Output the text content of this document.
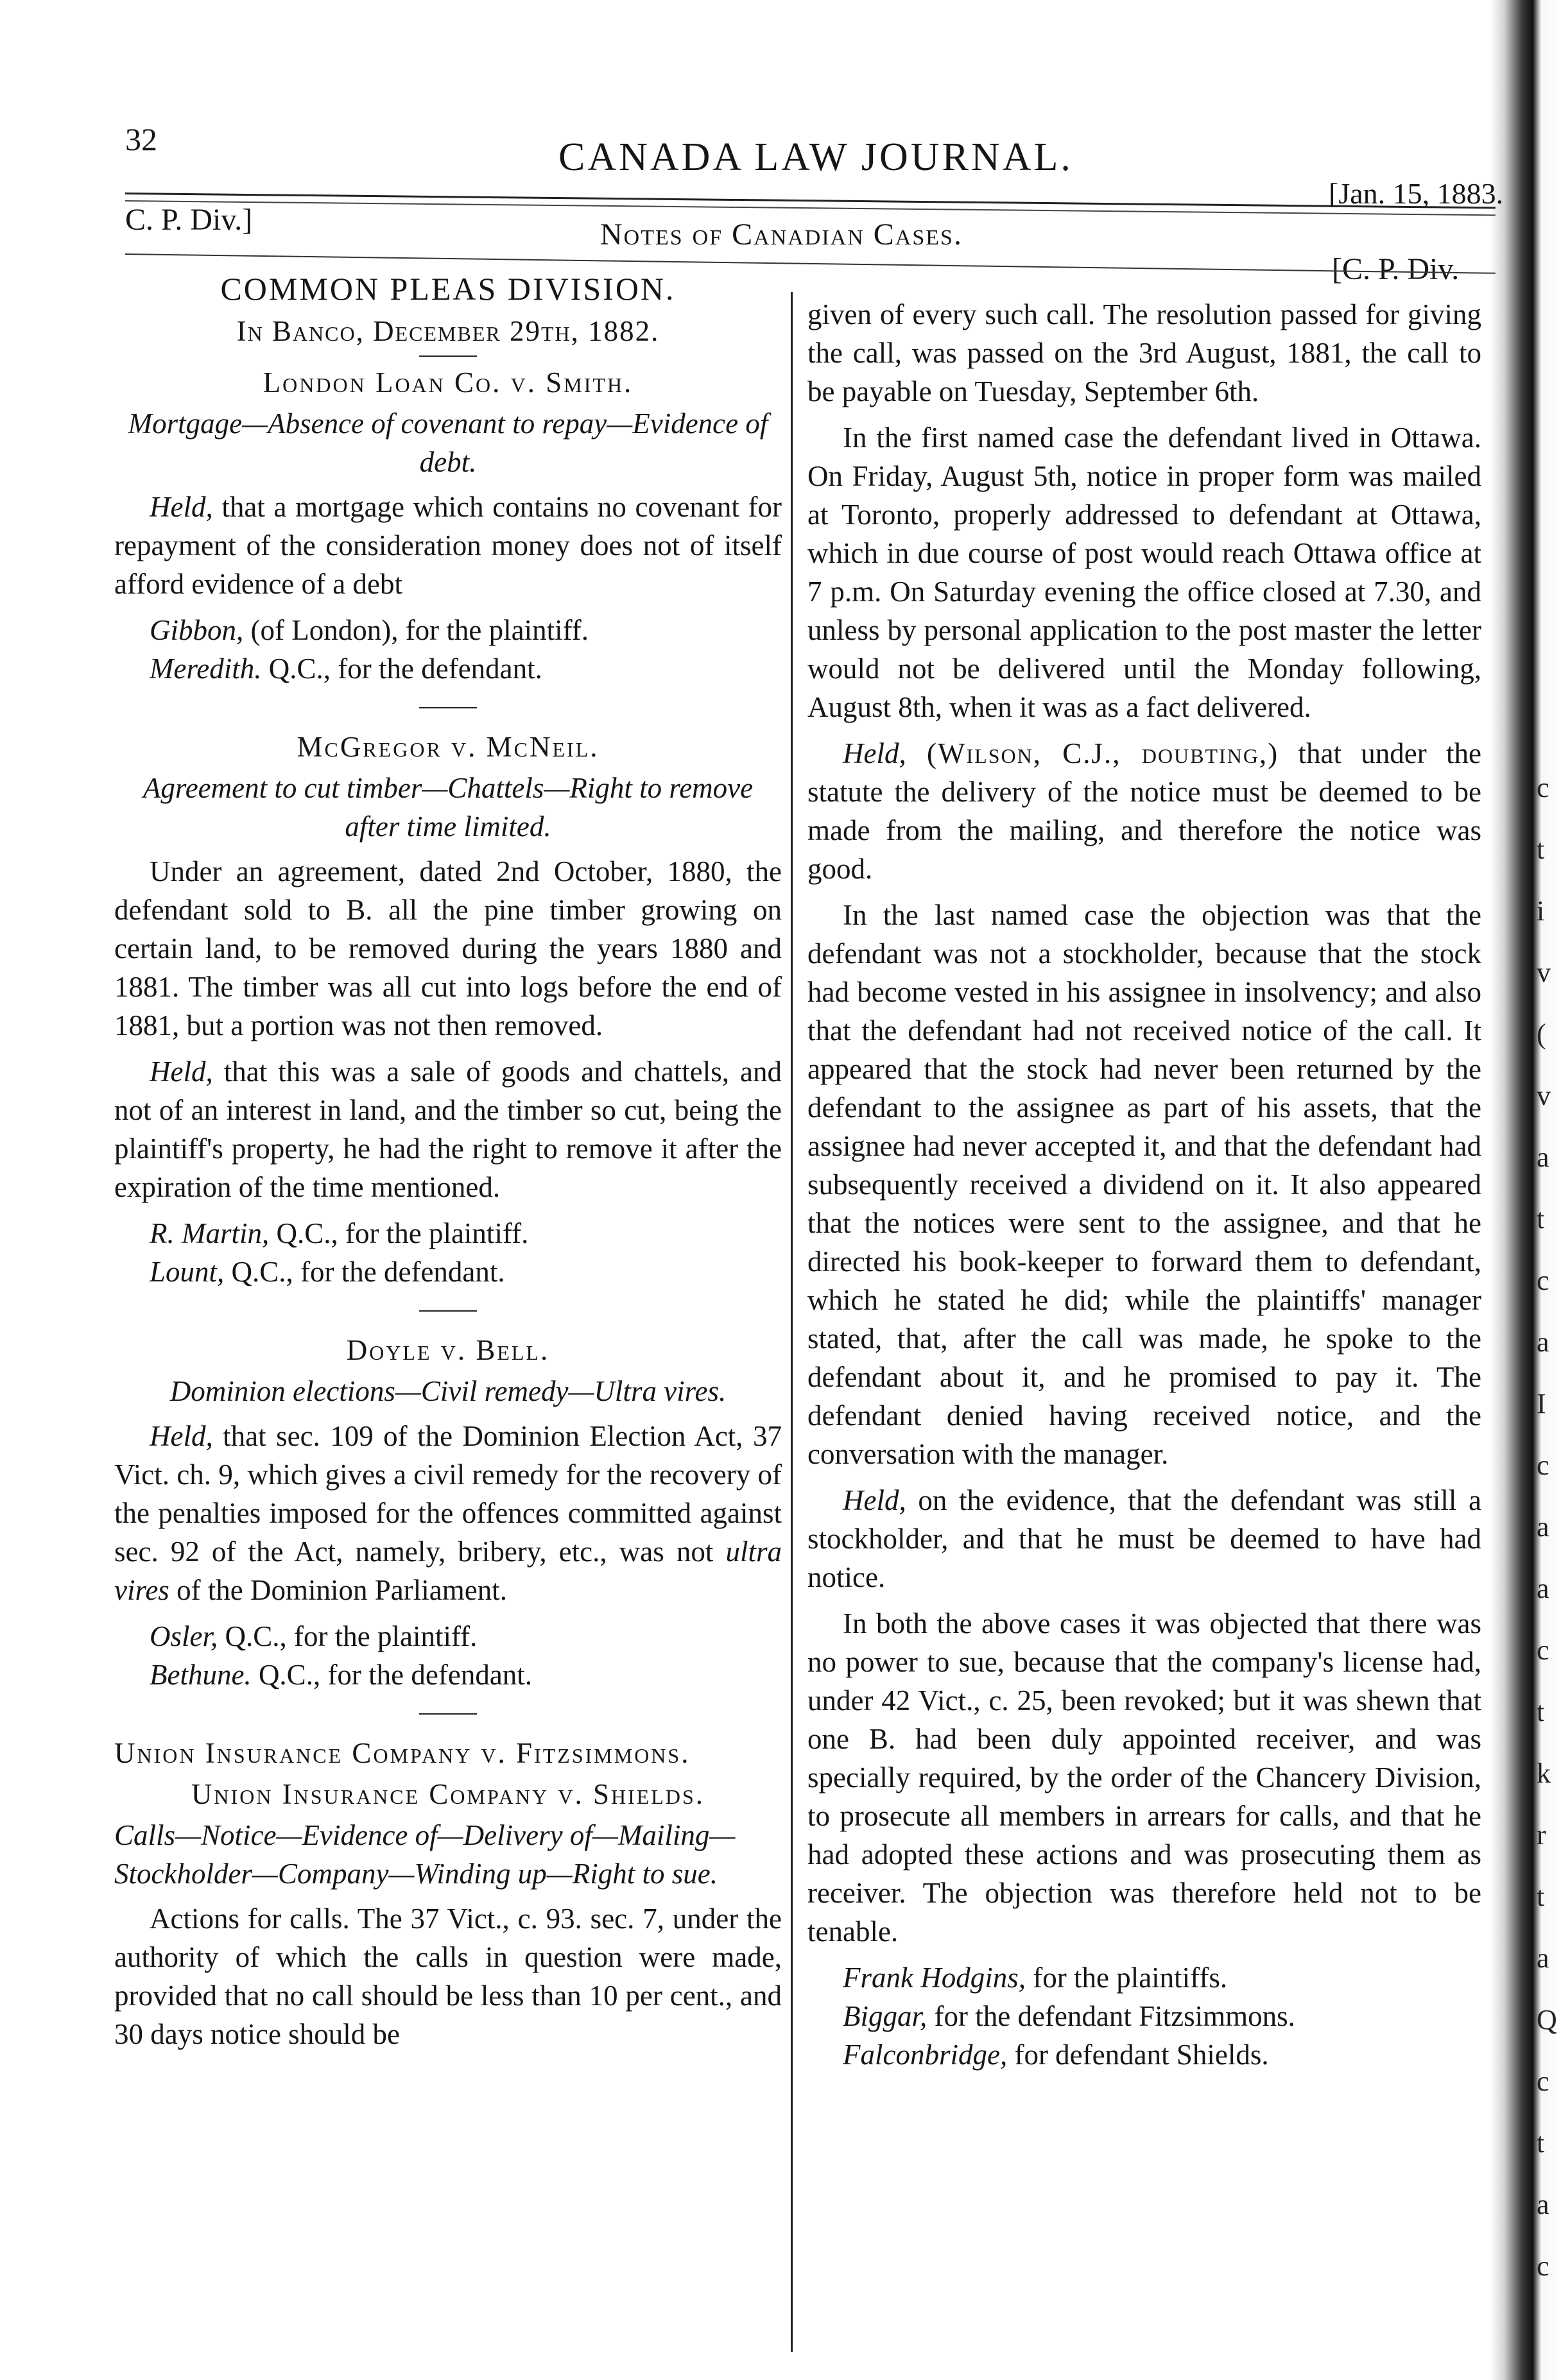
c
t
i
v
(
v
a
t
c
a
I
c
a
a
c
t
k
r
t
a
Q
c
t
a
c
32	CANADA LAW JOURNAL.
[Jan. 15, 1883.
C. P. Div.]	Notes of Canadian Cases.
[C. P. Div.
COMMON PLEAS DIVISION.
In Banco, December 29th, 1882.
London Loan Co. v. Smith.
Mortgage—Absence of covenant to repay—Evidence of debt.

Held, that a mortgage which contains no covenant for repayment of the consideration money does not of itself afford evidence of a debt

Gibbon, (of London), for the plaintiff.
Meredith. Q.C., for the defendant.
McGregor v. McNeil.
Agreement to cut timber—Chattels—Right to remove after time limited.

Under an agreement, dated 2nd October, 1880, the defendant sold to B. all the pine timber growing on certain land, to be removed during the years 1880 and 1881. The timber was all cut into logs before the end of 1881, but a portion was not then removed.

Held, that this was a sale of goods and chattels, and not of an interest in land, and the timber so cut, being the plaintiff's property, he had the right to remove it after the expiration of the time mentioned.

R. Martin, Q.C., for the plaintiff.
Lount, Q.C., for the defendant.
Doyle v. Bell.
Dominion elections—Civil remedy—Ultra vires.

Held, that sec. 109 of the Dominion Election Act, 37 Vict. ch. 9, which gives a civil remedy for the recovery of the penalties imposed for the offences committed against sec. 92 of the Act, namely, bribery, etc., was not ultra vires of the Dominion Parliament.

Osler, Q.C., for the plaintiff.
Bethune. Q.C., for the defendant.
Union Insurance Company v. Fitzsimmons.
Union Insurance Company v. Shields.
Calls—Notice—Evidence of—Delivery of—Mailing—Stockholder—Company—Winding up—Right to sue.

Actions for calls. The 37 Vict., c. 93. sec. 7, under the authority of which the calls in question were made, provided that no call should be less than 10 per cent., and 30 days notice should be

given of every such call. The resolution passed for giving the call, was passed on the 3rd August, 1881, the call to be payable on Tuesday, September 6th.

In the first named case the defendant lived in Ottawa. On Friday, August 5th, notice in proper form was mailed at Toronto, properly addressed to defendant at Ottawa, which in due course of post would reach Ottawa office at 7 p.m. On Saturday evening the office closed at 7.30, and unless by personal application to the post master the letter would not be delivered until the Monday following, August 8th, when it was as a fact delivered.

Held, (Wilson, C.J., doubting,) that under the statute the delivery of the notice must be deemed to be made from the mailing, and therefore the notice was good.

In the last named case the objection was that the defendant was not a stockholder, because that the stock had become vested in his assignee in insolvency; and also that the defendant had not received notice of the call. It appeared that the stock had never been returned by the defendant to the assignee as part of his assets, that the assignee had never accepted it, and that the defendant had subsequently received a dividend on it. It also appeared that the notices were sent to the assignee, and that he directed his book-keeper to forward them to defendant, which he stated he did; while the plaintiffs' manager stated, that, after the call was made, he spoke to the defendant about it, and he promised to pay it. The defendant denied having received notice, and the conversation with the manager.

Held, on the evidence, that the defendant was still a stockholder, and that he must be deemed to have had notice.

In both the above cases it was objected that there was no power to sue, because that the company's license had, under 42 Vict., c. 25, been revoked; but it was shewn that one B. had been duly appointed receiver, and was specially required, by the order of the Chancery Division, to prosecute all members in arrears for calls, and that he had adopted these actions and was prosecuting them as receiver. The objection was therefore held not to be tenable.

Frank Hodgins, for the plaintiffs.
Biggar, for the defendant Fitzsimmons.
Falconbridge, for defendant Shields.
